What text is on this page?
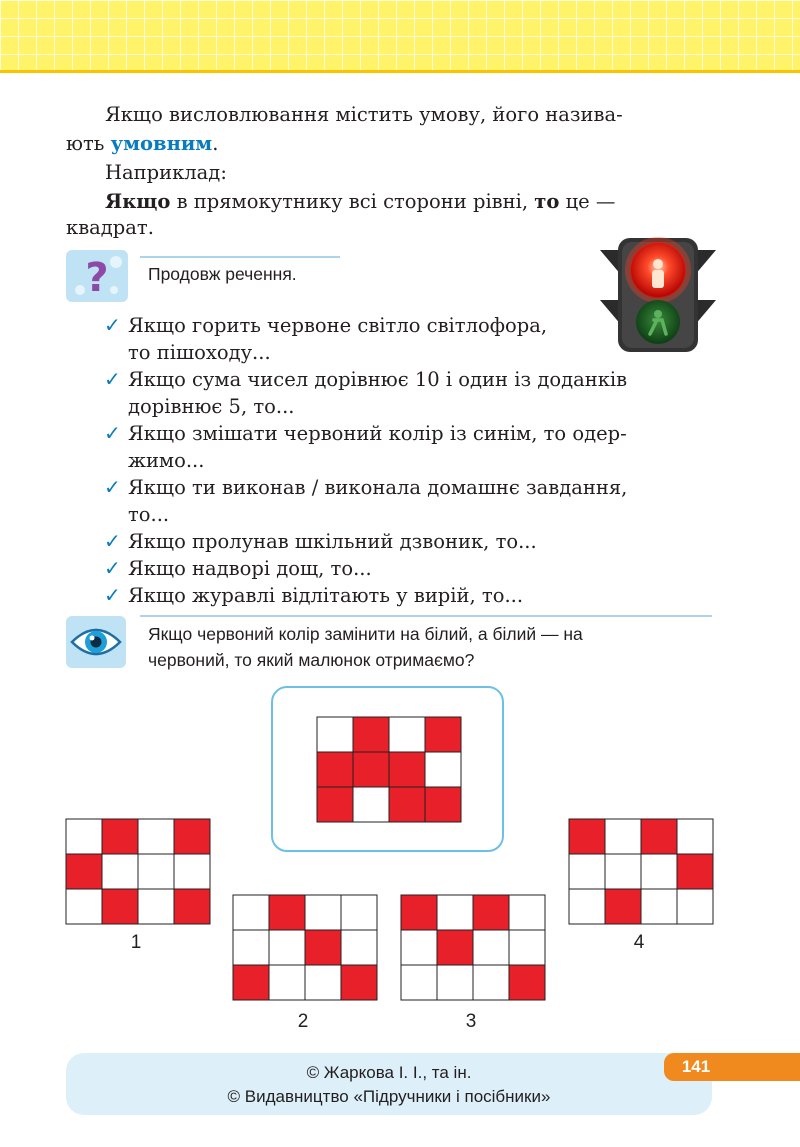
Якщо висловлювання містить умову, його назива-

ють умовним.

Наприклад:

Якщо в прямокутнику всі сторони рівні, то це —

квадрат.

? Продовж речення.
✓ Якщо горить червоне світло світлофора,
то пішоходу...
✓ Якщо сума чисел дорівнює 10 і один із доданків
дорівнює 5, то...
✓ Якщо змішати червоний колір із синім, то одер-
жимо...
✓ Якщо ти виконав / виконала домашнє завдання,
то...
✓ Якщо пролунав шкільний дзвоник, то...
✓ Якщо надворі дощ, то...
✓ Якщо журавлі відлітають у вирій, то...
Якщо червоний колір замінити на білий, а білий — на
червоний, то який малюнок отримаємо?
1
2	3
4
© Жаркова І. І., та ін.
© Видавництво «Підручники і посібники»
141
